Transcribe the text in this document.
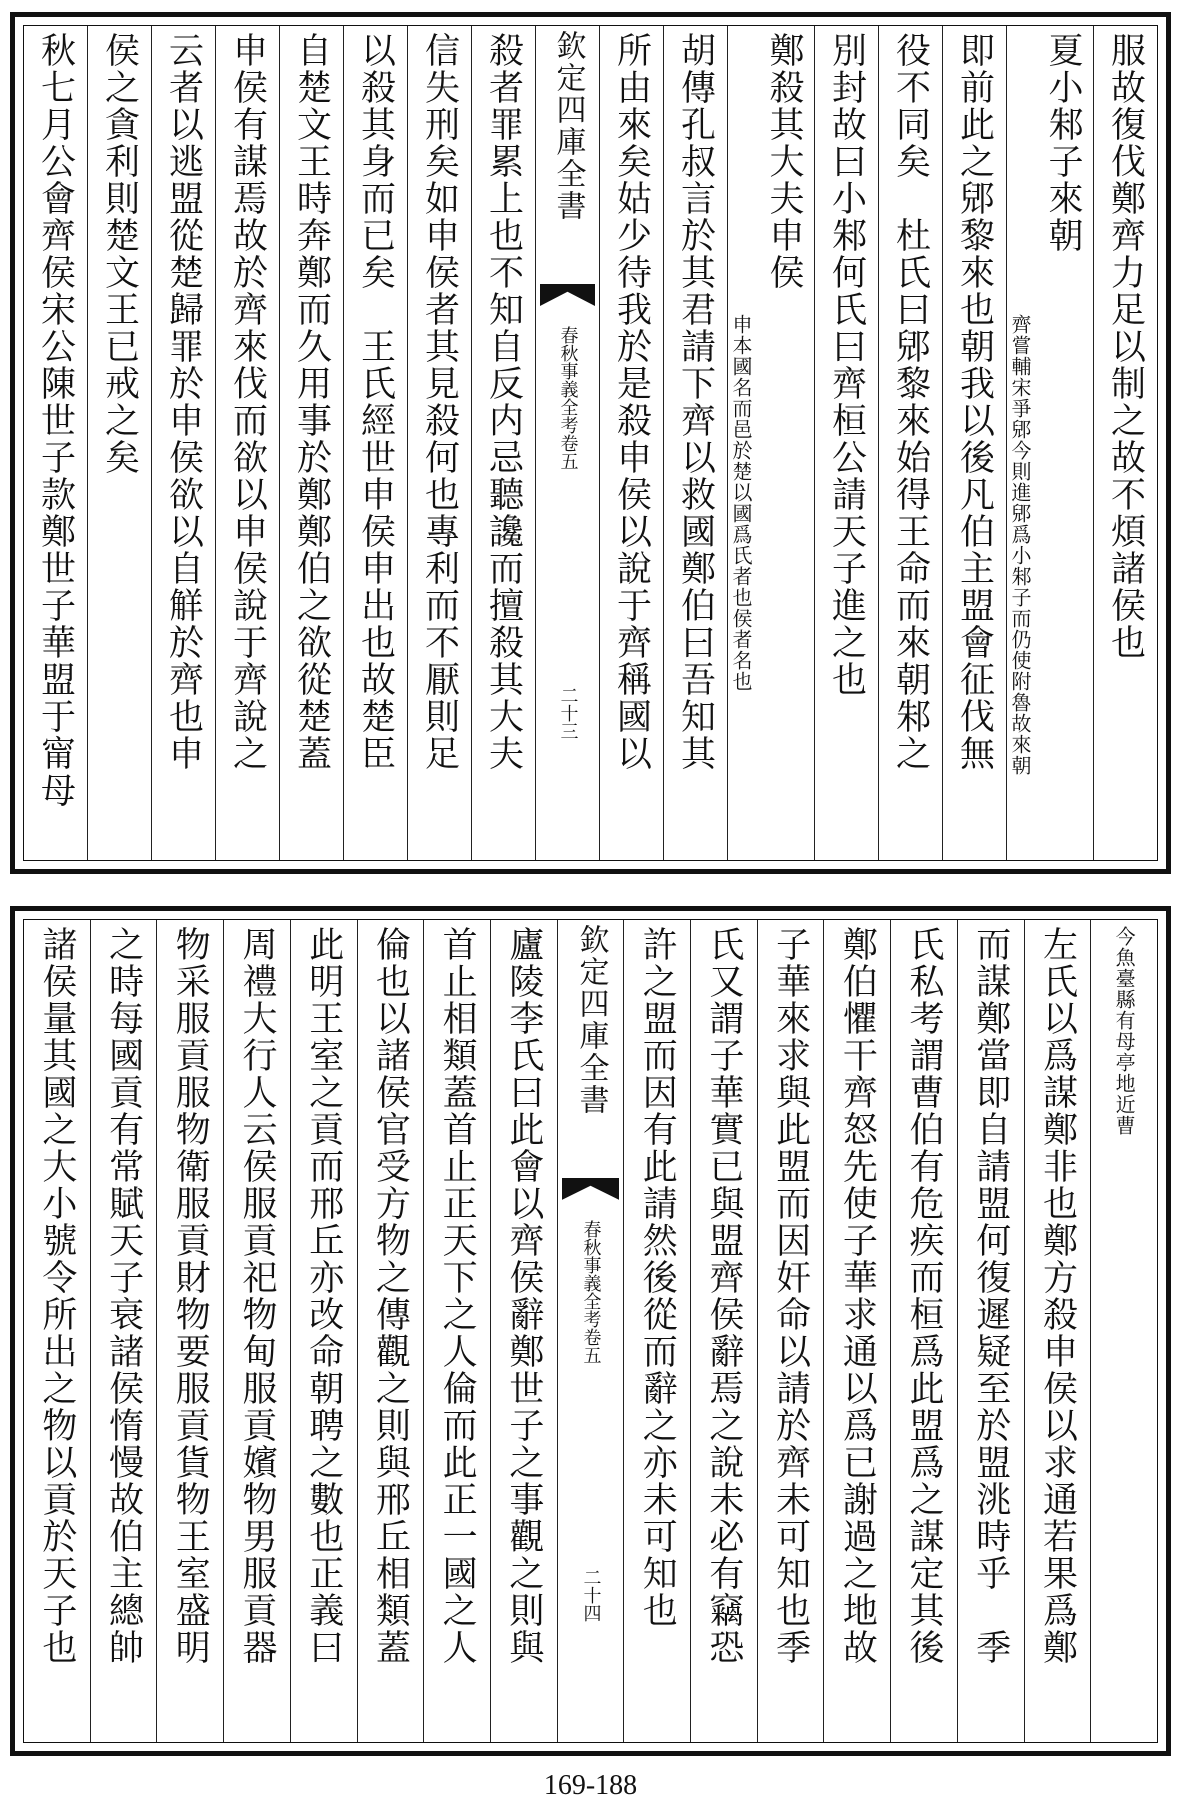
服故復伐鄭齊力足以制之故不煩諸侯也
夏小邾子來朝
齊嘗輔宋爭郳今則進郳爲小邾子而仍使附魯故來朝
即前此之郳黎來也朝我以後凡伯主盟會征伐無
役不同矣　杜氏曰郳黎來始得王命而來朝邾之
別封故曰小邾何氏曰齊桓公請天子進之也
鄭殺其大夫申侯
申本國名而邑於楚以國爲氏者也侯者名也
胡傳孔叔言於其君請下齊以救國鄭伯曰吾知其
所由來矣姑少待我於是殺申侯以說于齊稱國以
欽定四庫全書
春秋事義全考卷五
二十三
殺者罪累上也不知自反内忌聽讒而擅殺其大夫
信失刑矣如申侯者其見殺何也專利而不厭則足
以殺其身而已矣　王氏經世申侯申出也故楚臣
自楚文王時奔鄭而久用事於鄭鄭伯之欲從楚蓋
申侯有謀焉故於齊來伐而欲以申侯說于齊說之
云者以逃盟從楚歸罪於申侯欲以自觧於齊也申
侯之貪利則楚文王已戒之矣
秋七月公會齊侯宋公陳世子款鄭世子華盟于甯母
今魚臺縣有母亭地近曹
左氏以爲謀鄭非也鄭方殺申侯以求通若果爲鄭
而謀鄭當即自請盟何復遲疑至於盟洮時乎　季
氏私考謂曹伯有危疾而桓爲此盟爲之謀定其後
鄭伯懼干齊怒先使子華求通以爲已謝過之地故
子華來求與此盟而因奸命以請於齊未可知也季
氏又謂子華實已與盟齊侯辭焉之說未必有竊恐
許之盟而因有此請然後從而辭之亦未可知也
欽定四庫全書
春秋事義全考卷五
二十四
廬陵李氏曰此會以齊侯辭鄭世子之事觀之則與
首止相類蓋首止正天下之人倫而此正一國之人
倫也以諸侯官受方物之傳觀之則與邢丘相類蓋
此明王室之貢而邢丘亦改命朝聘之數也正義曰
周禮大行人云侯服貢祀物甸服貢嬪物男服貢器
物采服貢服物衛服貢財物要服貢貨物王室盛明
之時每國貢有常賦天子衰諸侯惰慢故伯主總帥
諸侯量其國之大小號令所出之物以貢於天子也
169-188
